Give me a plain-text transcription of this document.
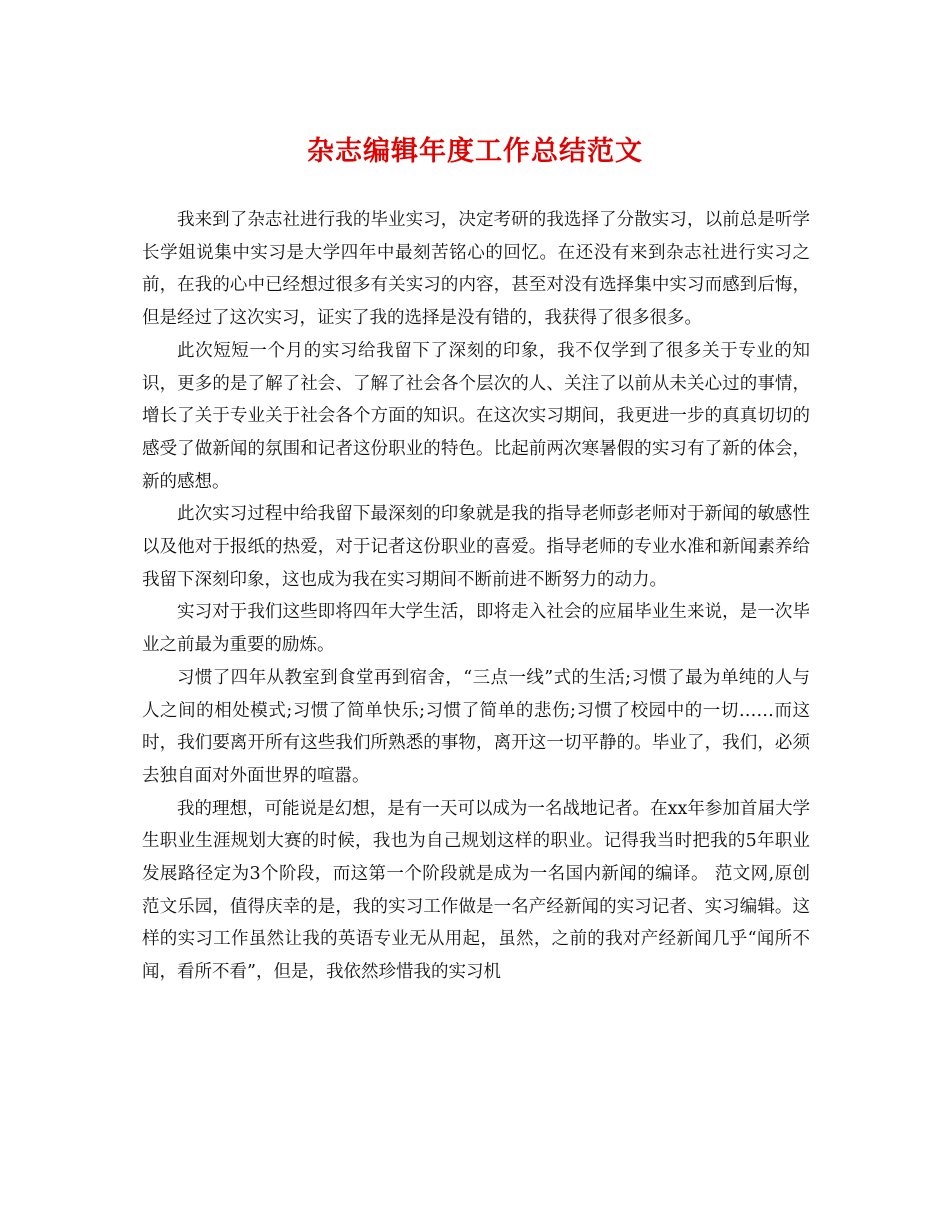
杂志编辑年度工作总结范文

我来到了杂志社进行我的毕业实习，决定考研的我选择了分散实习，以前总是听学长学姐说集中实习是大学四年中最刻苦铭心的回忆。在还没有来到杂志社进行实习之前，在我的心中已经想过很多有关实习的内容，甚至对没有选择集中实习而感到后悔，但是经过了这次实习，证实了我的选择是没有错的，我获得了很多很多。

此次短短一个月的实习给我留下了深刻的印象，我不仅学到了很多关于专业的知识，更多的是了解了社会、了解了社会各个层次的人、关注了以前从未关心过的事情，增长了关于专业关于社会各个方面的知识。在这次实习期间，我更进一步的真真切切的感受了做新闻的氛围和记者这份职业的特色。比起前两次寒暑假的实习有了新的体会，新的感想。

此次实习过程中给我留下最深刻的印象就是我的指导老师彭老师对于新闻的敏感性以及他对于报纸的热爱，对于记者这份职业的喜爱。指导老师的专业水准和新闻素养给我留下深刻印象，这也成为我在实习期间不断前进不断努力的动力。

实习对于我们这些即将四年大学生活，即将走入社会的应届毕业生来说，是一次毕业之前最为重要的励炼。

习惯了四年从教室到食堂再到宿舍，“三点一线”式的生活;习惯了最为单纯的人与人之间的相处模式;习惯了简单快乐;习惯了简单的悲伤;习惯了校园中的一切……而这时，我们要离开所有这些我们所熟悉的事物，离开这一切平静的。毕业了，我们，必须去独自面对外面世界的喧嚣。

我的理想，可能说是幻想，是有一天可以成为一名战地记者。在xx年参加首届大学生职业生涯规划大赛的时候，我也为自己规划这样的职业。记得我当时把我的5年职业发展路径定为3个阶段，而这第一个阶段就是成为一名国内新闻的编译。 范文网,原创范文乐园，值得庆幸的是，我的实习工作做是一名产经新闻的实习记者、实习编辑。这样的实习工作虽然让我的英语专业无从用起，虽然，之前的我对产经新闻几乎“闻所不闻，看所不看”，但是，我依然珍惜我的实习机
